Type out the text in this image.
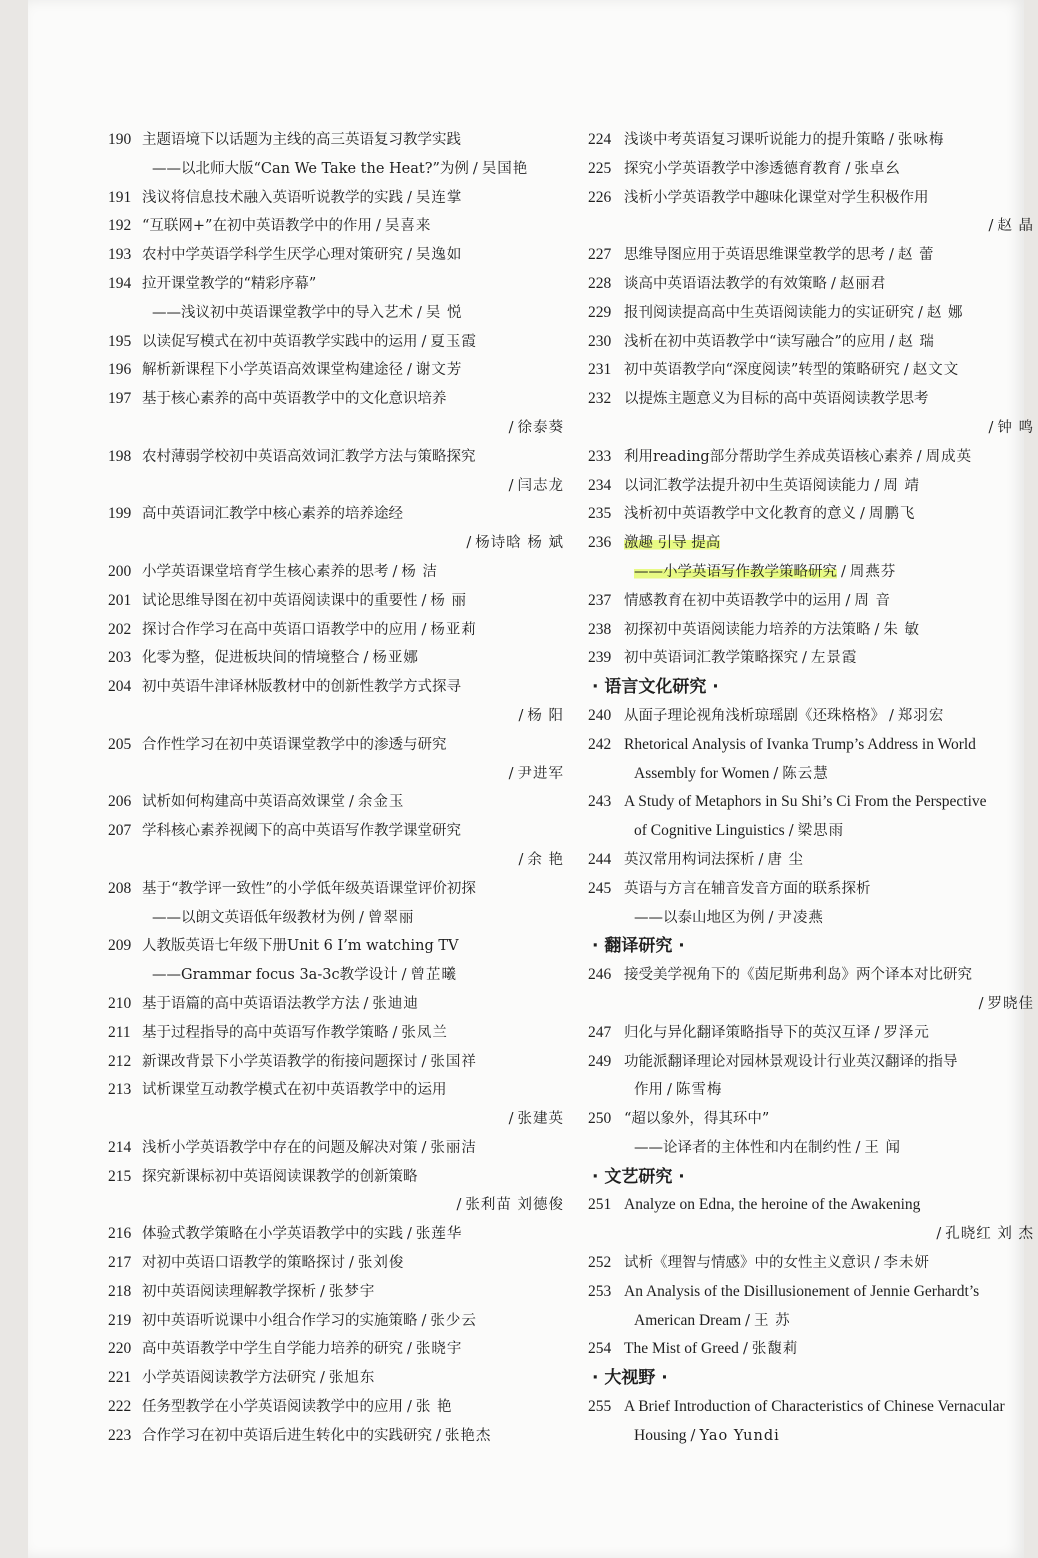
190 主题语境下以话题为主线的高三英语复习教学实践
——以北师大版“Can We Take the Heat?”为例 / 吴国艳
191 浅议将信息技术融入英语听说教学的实践 / 吴连掌
192 “互联网+”在初中英语教学中的作用 / 吴喜来
193 农村中学英语学科学生厌学心理对策研究 / 吴逸如
194 拉开课堂教学的“精彩序幕”
——浅议初中英语课堂教学中的导入艺术 / 吴 悦
195 以读促写模式在初中英语教学实践中的运用 / 夏玉霞
196 解析新课程下小学英语高效课堂构建途径 / 谢文芳
197 基于核心素养的高中英语教学中的文化意识培养
/ 徐泰葵
198 农村薄弱学校初中英语高效词汇教学方法与策略探究
/ 闫志龙
199 高中英语词汇教学中核心素养的培养途经
/ 杨诗晗 杨 斌
200 小学英语课堂培育学生核心素养的思考 / 杨 洁
201 试论思维导图在初中英语阅读课中的重要性 / 杨 丽
202 探讨合作学习在高中英语口语教学中的应用 / 杨亚莉
203 化零为整，促进板块间的情境整合 / 杨亚娜
204 初中英语牛津译林版教材中的创新性教学方式探寻
/ 杨 阳
205 合作性学习在初中英语课堂教学中的渗透与研究
/ 尹进军
206 试析如何构建高中英语高效课堂 / 余金玉
207 学科核心素养视阈下的高中英语写作教学课堂研究
/ 余 艳
208 基于“教学评一致性”的小学低年级英语课堂评价初探
——以朗文英语低年级教材为例 / 曾翠丽
209 人教版英语七年级下册Unit 6 I’m watching TV
——Grammar focus 3a-3c教学设计 / 曾芷曦
210 基于语篇的高中英语语法教学方法 / 张迪迪
211 基于过程指导的高中英语写作教学策略 / 张凤兰
212 新课改背景下小学英语教学的衔接问题探讨 / 张国祥
213 试析课堂互动教学模式在初中英语教学中的运用
/ 张建英
214 浅析小学英语教学中存在的问题及解决对策 / 张丽洁
215 探究新课标初中英语阅读课教学的创新策略
/ 张利苗 刘德俊
216 体验式教学策略在小学英语教学中的实践 / 张莲华
217 对初中英语口语教学的策略探讨 / 张刘俊
218 初中英语阅读理解教学探析 / 张梦宇
219 初中英语听说课中小组合作学习的实施策略 / 张少云
220 高中英语教学中学生自学能力培养的研究 / 张晓宇
221 小学英语阅读教学方法研究 / 张旭东
222 任务型教学在小学英语阅读教学中的应用 / 张 艳
223 合作学习在初中英语后进生转化中的实践研究 / 张艳杰
224 浅谈中考英语复习课听说能力的提升策略 / 张咏梅
225 探究小学英语教学中渗透德育教育 / 张卓幺
226 浅析小学英语教学中趣味化课堂对学生积极作用
/ 赵 晶
227 思维导图应用于英语思维课堂教学的思考 / 赵 蕾
228 谈高中英语语法教学的有效策略 / 赵丽君
229 报刊阅读提高高中生英语阅读能力的实证研究 / 赵 娜
230 浅析在初中英语教学中“读写融合”的应用 / 赵 瑞
231 初中英语教学向“深度阅读”转型的策略研究 / 赵文文
232 以提炼主题意义为目标的高中英语阅读教学思考
/ 钟 鸣
233 利用reading部分帮助学生养成英语核心素养 / 周成英
234 以词汇教学法提升初中生英语阅读能力 / 周 靖
235 浅析初中英语教学中文化教育的意义 / 周鹏飞
236 激趣 引导 提高
——小学英语写作教学策略研究 / 周燕芬
237 情感教育在初中英语教学中的运用 / 周 音
238 初探初中英语阅读能力培养的方法策略 / 朱 敏
239 初中英语词汇教学策略探究 / 左景霞
· 语言文化研究 ·
240 从面子理论视角浅析琼瑶剧《还珠格格》 / 郑羽宏
242 Rhetorical Analysis of Ivanka Trump’s Address in World
Assembly for Women / 陈云慧
243 A Study of Metaphors in Su Shi’s Ci From the Perspective
of Cognitive Linguistics / 梁思雨
244 英汉常用构词法探析 / 唐 尘
245 英语与方言在辅音发音方面的联系探析
——以泰山地区为例 / 尹凌燕
· 翻译研究 ·
246 接受美学视角下的《茵尼斯弗利岛》两个译本对比研究
/ 罗晓佳
247 归化与异化翻译策略指导下的英汉互译 / 罗泽元
249 功能派翻译理论对园林景观设计行业英汉翻译的指导
作用 / 陈雪梅
250 “超以象外，得其环中”
——论译者的主体性和内在制约性 / 王 闻
· 文艺研究 ·
251 Analyze on Edna, the heroine of the Awakening
/ 孔晓红 刘 杰
252 试析《理智与情感》中的女性主义意识 / 李未妍
253 An Analysis of the Disillusionement of Jennie Gerhardt’s
American Dream / 王 苏
254 The Mist of Greed / 张馥莉
· 大视野 ·
255 A Brief Introduction of Characteristics of Chinese Vernacular
Housing / Yao Yundi
